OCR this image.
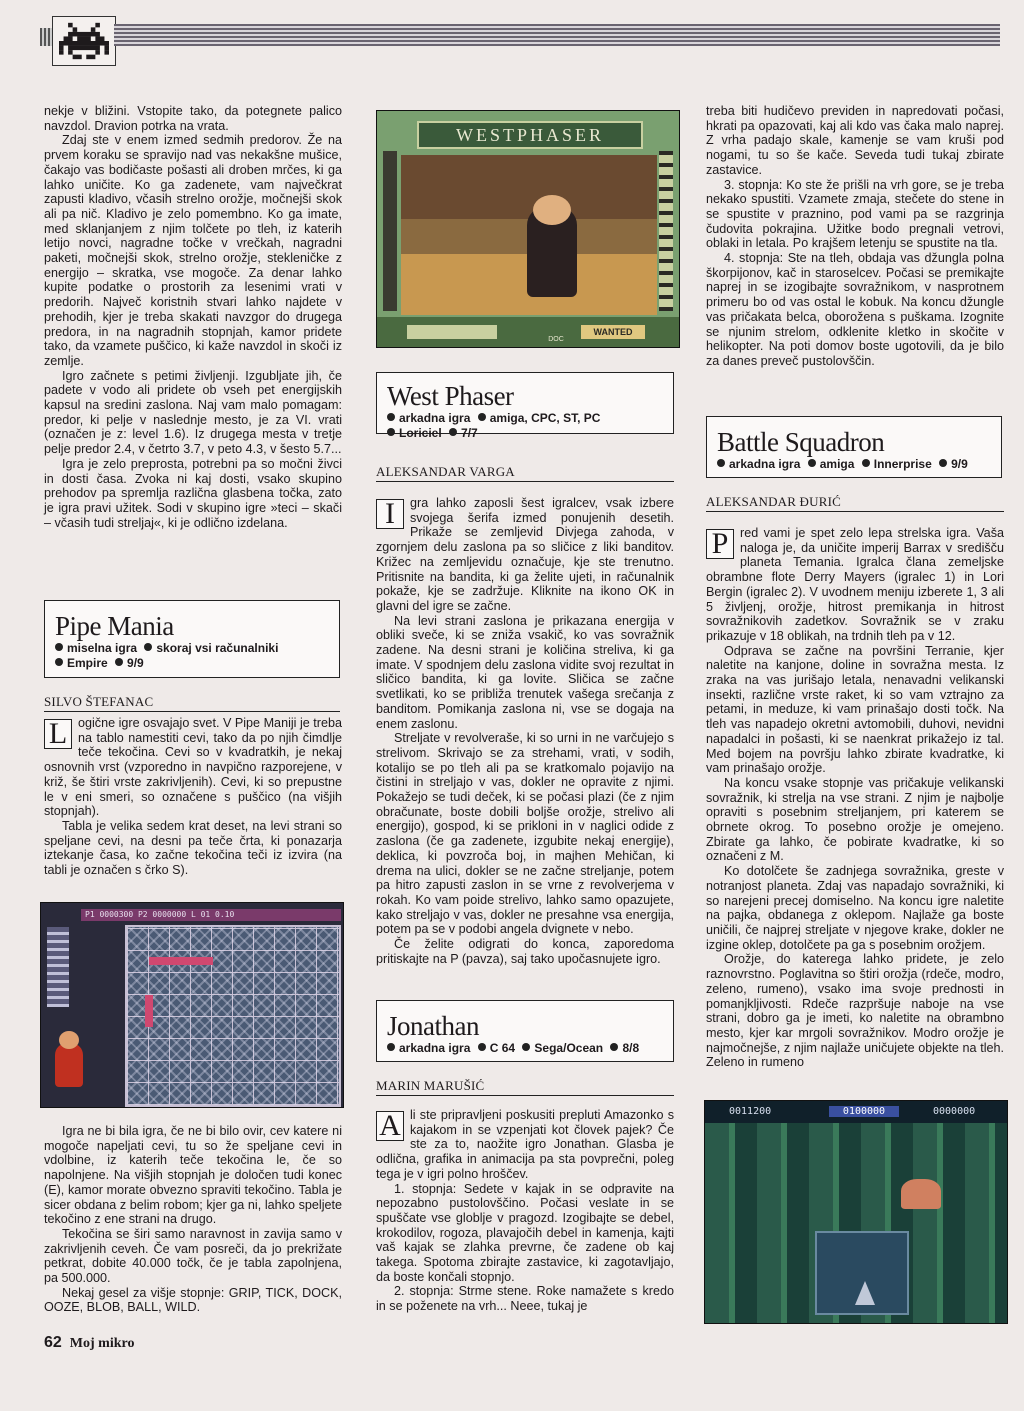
nekje v bližini. Vstopite tako, da potegnete palico navzdol. Dravion potrka na vrata.

Zdaj ste v enem izmed sedmih predorov. Že na prvem koraku se spravijo nad vas nekakšne mušice, čakajo vas bodičaste pošasti ali droben mrčes, ki ga lahko uničite. Ko ga zadenete, vam največkrat zapusti kladivo, včasih strelno orožje, močnejši skok ali pa nič. Kladivo je zelo pomembno. Ko ga imate, med sklanjanjem z njim tolčete po tleh, iz katerih letijo novci, nagradne točke v vrečkah, nagradni paketi, močnejši skok, strelno orožje, stekleničke z energijo – skratka, vse mogoče. Za denar lahko kupite podatke o prostorih za lesenimi vrati v predorih. Največ koristnih stvari lahko najdete v prehodih, kjer je treba skakati navzgor do drugega predora, in na nagradnih stopnjah, kamor pridete tako, da vzamete puščico, ki kaže navzdol in skoči iz zemlje.

Igro začnete s petimi življenji. Izgubljate jih, če padete v vodo ali pridete ob vseh pet energijskih kapsul na sredini zaslona. Naj vam malo pomagam: predor, ki pelje v naslednje mesto, je za VI. vrati (označen je z: level 1.6). Iz drugega mesta v tretje pelje predor 2.4, v četrto 3.7, v peto 4.3, v šesto 5.7...

Igra je zelo preprosta, potrebni pa so močni živci in dosti časa. Zvoka ni kaj dosti, vsako skupino prehodov pa spremlja različna glasbena točka, zato je igra pravi užitek. Sodi v skupino igre »teci – skači – včasih tudi streljaj«, ki je odlično izdelana.

Pipe Mania
miselna igra skoraj vsi računalniki
Empire 9/9
SILVO ŠTEFANAC
L ogične igre osvajajo svet. V Pipe Maniji je treba na tablo namestiti cevi, tako da po njih čimdlje teče tekočina. Cevi so v kvadratkih, je nekaj osnovnih vrst (vzporedno in navpično razporejene, v križ, še štiri vrste zakrivljenih). Cevi, ki so prepustne le v eni smeri, so označene s puščico (na višjih stopnjah).

Tabla je velika sedem krat deset, na levi strani so speljane cevi, na desni pa teče črta, ki ponazarja iztekanje časa, ko začne tekočina teči iz izvira (na tabli je označen s črko S).

P1 0000300 P2 0000000 L 01 0.10

Igra ne bi bila igra, če ne bi bilo ovir, cev katere ni mogoče napeljati cevi, tu so že speljane cevi in vdolbine, iz katerih teče tekočina le, če so napolnjene. Na višjih stopnjah je določen tudi konec (E), kamor morate obvezno spraviti tekočino. Tabla je sicer obdana z belim robom; kjer ga ni, lahko speljete tekočino z ene strani na drugo.

Tekočina se širi samo naravnost in zavija samo v zakrivljenih ceveh. Če vam posreči, da jo prekrižate petkrat, dobite 40.000 točk, če je tabla zapolnjena, pa 500.000.

Nekaj gesel za višje stopnje: GRIP, TICK, DOCK, OOZE, BLOB, BALL, WILD.

WESTPHASER
WANTED
DOC
West Phaser
arkadna igra amiga, CPC, ST, PC
Loriciel 7/7
ALEKSANDAR VARGA
I	gra lahko zaposli šest igralcev, vsak izbere svojega šerifa izmed ponujenih desetih. Prikaže se zemljevid Divjega zahoda, v zgornjem delu zaslona pa so sličice z liki banditov. Križec na zemljevidu označuje, kje ste trenutno. Pritisnite na bandita, ki ga želite ujeti, in računalnik pokaže, kje se zadržuje. Kliknite na ikono OK in glavni del igre se začne.

Na levi strani zaslona je prikazana energija v obliki sveče, ki se zniža vsakič, ko vas sovražnik zadene. Na desni strani je količina streliva, ki ga imate. V spodnjem delu zaslona vidite svoj rezultat in sličico bandita, ki ga lovite. Sličica se začne svetlikati, ko se približa trenutek vašega srečanja z banditom. Pomikanja zaslona ni, vse se dogaja na enem zaslonu.

Streljate v revolveraše, ki so urni in ne varčujejo s strelivom. Skrivajo se za strehami, vrati, v sodih, kotalijo se po tleh ali pa se kratkomalo pojavijo na čistini in streljajo v vas, dokler ne opravite z njimi. Pokažejo se tudi deček, ki se počasi plazi (če z njim obračunate, boste dobili boljše orožje, strelivo ali energijo), gospod, ki se prikloni in v naglici odide z zaslona (če ga zadenete, izgubite nekaj energije), deklica, ki povzroča boj, in majhen Mehičan, ki drema na ulici, dokler se ne začne streljanje, potem pa hitro zapusti zaslon in se vrne z revolverjema v rokah. Ko vam poide strelivo, lahko samo opazujete, kako streljajo v vas, dokler ne presahne vsa energija, potem pa se v podobi angela dvignete v nebo.

Če želite odigrati do konca, zaporedoma pritiskajte na P (pavza), saj tako upočasnujete igro.

Jonathan
arkadna igra C 64 Sega/Ocean 8/8
MARIN MARUŠIĆ
A li ste pripravljeni poskusiti prepluti Amazonko s kajakom in se vzpenjati kot človek pajek? Če ste za to, naožite igro Jonathan. Glasba je odlična, grafika in animacija pa sta povprečni, poleg tega je v igri polno hroščev.

1. stopnja: Sedete v kajak in se odpravite na nepozabno pustolovščino. Počasi veslate in se spuščate vse globlje v pragozd. Izogibajte se debel, krokodilov, rogoza, plavajočih debel in kamenja, kajti vaš kajak se zlahka prevrne, če zadene ob kaj takega. Spotoma zbirajte zastavice, ki zagotavljajo, da boste končali stopnjo.

2. stopnja: Strme stene. Roke namažete s kredo in se poženete na vrh... Neee, tukaj je

treba biti hudičevo previden in napredovati počasi, hkrati pa opazovati, kaj ali kdo vas čaka malo naprej. Z vrha padajo skale, kamenje se vam kruši pod nogami, tu so še kače. Seveda tudi tukaj zbirate zastavice.

3. stopnja: Ko ste že prišli na vrh gore, se je treba nekako spustiti. Vzamete zmaja, stečete do stene in se spustite v praznino, pod vami pa se razgrinja čudovita pokrajina. Užitke bodo pregnali vetrovi, oblaki in letala. Po krajšem letenju se spustite na tla.

4. stopnja: Ste na tleh, obdaja vas džungla polna škorpijonov, kač in staroselcev. Počasi se premikajte naprej in se izogibajte sovražnikom, v nasprotnem primeru bo od vas ostal le kobuk. Na koncu džungle vas pričakata belca, oborožena s puškama. Izognite se njunim strelom, odklenite kletko in skočite v helikopter. Na poti domov boste ugotovili, da je bilo za danes preveč pustolovščin.

Battle Squadron
arkadna igra amiga Innerprise 9/9
ALEKSANDAR ĐURIĆ
P red vami je spet zelo lepa strelska igra. Vaša naloga je, da uničite imperij Barrax v središču planeta Temania. Igralca člana zemeljske obrambne flote Derry Mayers (igralec 1) in Lori Bergin (igralec 2). V uvodnem meniju izberete 1, 3 ali 5 življenj, orožje, hitrost premikanja in hitrost sovražnikovih zadetkov. Sovražnik se v zraku prikazuje v 18 oblikah, na trdnih tleh pa v 12.

Odprava se začne na površini Terranie, kjer naletite na kanjone, doline in sovražna mesta. Iz zraka na vas jurišajo letala, nenavadni velikanski insekti, različne vrste raket, ki so vam vztrajno za petami, in meduze, ki vam prinašajo dosti točk. Na tleh vas napadejo okretni avtomobili, duhovi, nevidni napadalci in pošasti, ki se naenkrat prikažejo iz tal. Med bojem na površju lahko zbirate kvadratke, ki vam prinašajo orožje.

Na koncu vsake stopnje vas pričakuje velikanski sovražnik, ki strelja na vse strani. Z njim je najbolje opraviti s posebnim streljanjem, pri katerem se obrnete okrog. To posebno orožje je omejeno. Zbirate ga lahko, če pobirate kvadratke, ki so označeni z M.

Ko dotolčete še zadnjega sovražnika, greste v notranjost planeta. Zdaj vas napadajo sovražniki, ki so narejeni precej domiselno. Na koncu igre naletite na pajka, obdanega z oklepom. Najlaže ga boste uničili, če najprej streljate v njegove krake, dokler ne izgine oklep, dotolčete pa ga s posebnim orožjem.

Orožje, do katerega lahko pridete, je zelo raznovrstno. Poglavitna so štiri orožja (rdeče, modro, zeleno, rumeno), vsako ima svoje prednosti in pomanjkljivosti. Rdeče razpršuje naboje na vse strani, dobro ga je imeti, ko naletite na obrambno mesto, kjer kar mrgoli sovražnikov. Modro orožje je najmočnejše, z njim najlaže uničujete objekte na tleh. Zeleno in rumeno

0011200	0100000	0000000
62 Moj mikro
